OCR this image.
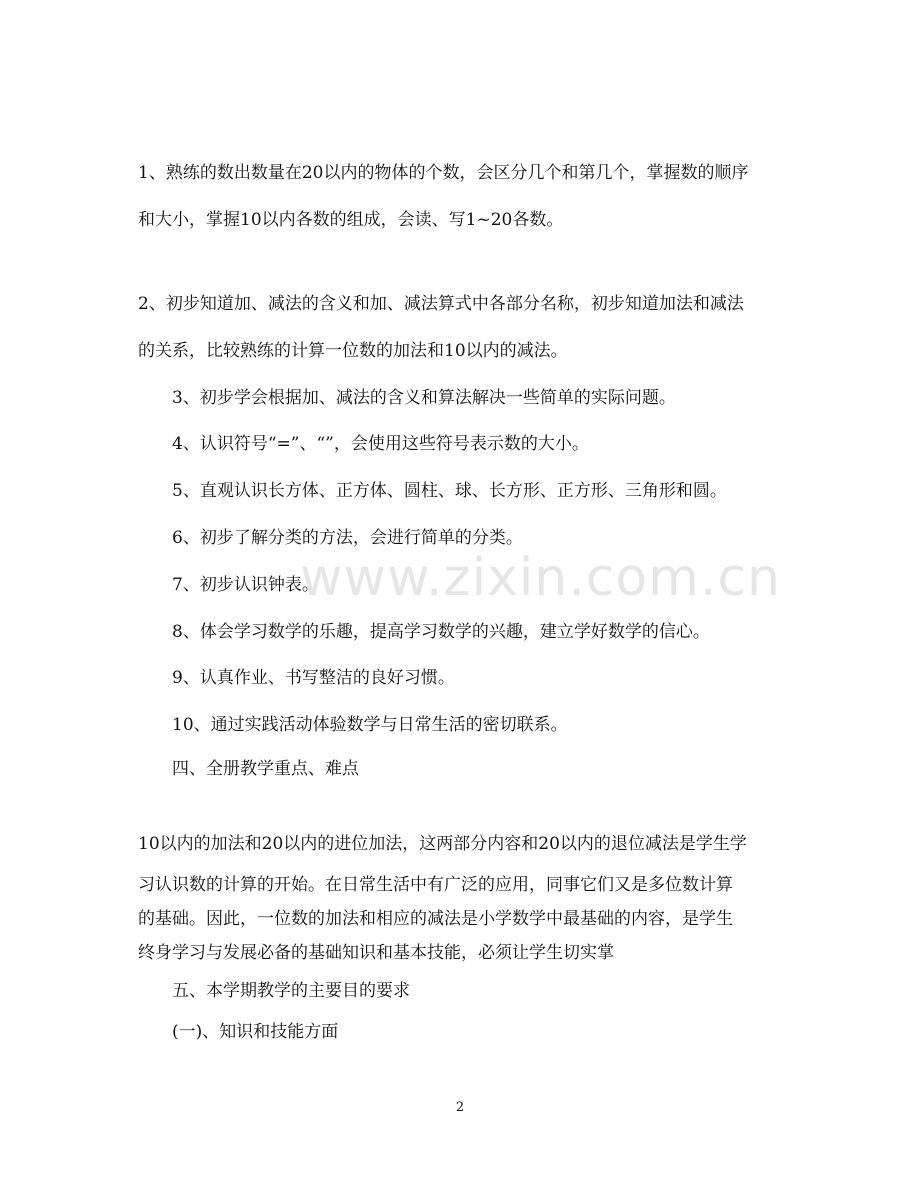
www.zixin.com.cn

1、熟练的数出数量在20以内的物体的个数，会区分几个和第几个，掌握数的顺序

和大小，掌握10以内各数的组成，会读、写1~20各数。

2、初步知道加、减法的含义和加、减法算式中各部分名称，初步知道加法和减法

的关系，比较熟练的计算一位数的加法和10以内的减法。

3、初步学会根据加、减法的含义和算法解决一些简单的实际问题。

4、认识符号“=”、“”，会使用这些符号表示数的大小。

5、直观认识长方体、正方体、圆柱、球、长方形、正方形、三角形和圆。

6、初步了解分类的方法，会进行简单的分类。

7、初步认识钟表。

8、体会学习数学的乐趣，提高学习数学的兴趣，建立学好数学的信心。

9、认真作业、书写整洁的良好习惯。

10、通过实践活动体验数学与日常生活的密切联系。

四、全册教学重点、难点

10以内的加法和20以内的进位加法，这两部分内容和20以内的退位减法是学生学

习认识数的计算的开始。在日常生活中有广泛的应用，同事它们又是多位数计算

的基础。因此，一位数的加法和相应的减法是小学数学中最基础的内容，是学生

终身学习与发展必备的基础知识和基本技能，必须让学生切实掌

五、本学期教学的主要目的要求

(一)、知识和技能方面

2
